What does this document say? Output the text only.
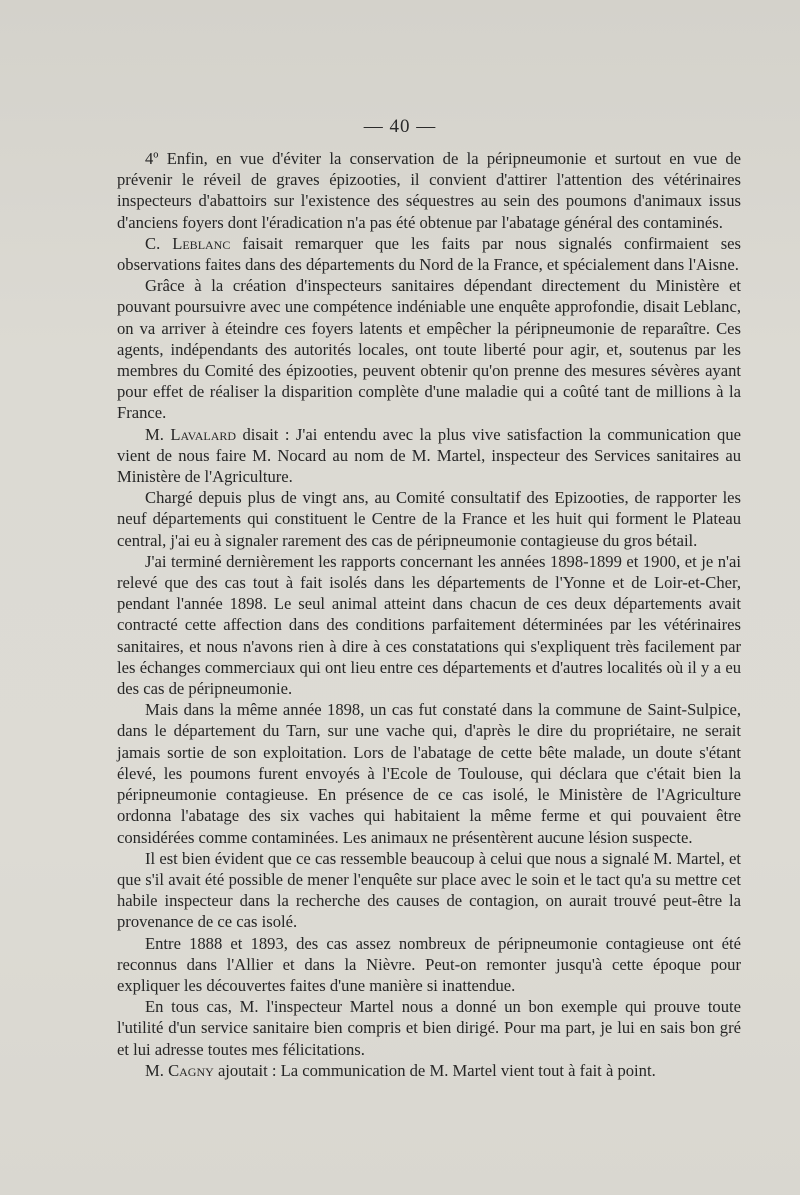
— 40 —

4º Enfin, en vue d'éviter la conservation de la péripneumonie et surtout en vue de prévenir le réveil de graves épizooties, il convient d'attirer l'attention des vétérinaires inspecteurs d'abattoirs sur l'existence des séquestres au sein des poumons d'animaux issus d'anciens foyers dont l'éradication n'a pas été obtenue par l'abatage général des contaminés.

C. Leblanc faisait remarquer que les faits par nous signalés confirmaient ses observations faites dans des départements du Nord de la France, et spécialement dans l'Aisne.

Grâce à la création d'inspecteurs sanitaires dépendant directement du Ministère et pouvant poursuivre avec une compétence indéniable une enquête approfondie, disait Leblanc, on va arriver à éteindre ces foyers latents et empêcher la péripneumonie de reparaître. Ces agents, indépendants des autorités locales, ont toute liberté pour agir, et, soutenus par les membres du Comité des épizooties, peuvent obtenir qu'on prenne des mesures sévères ayant pour effet de réaliser la disparition complète d'une maladie qui a coûté tant de millions à la France.

M. Lavalard disait : J'ai entendu avec la plus vive satisfaction la communication que vient de nous faire M. Nocard au nom de M. Martel, inspecteur des Services sanitaires au Ministère de l'Agriculture.

Chargé depuis plus de vingt ans, au Comité consultatif des Epizooties, de rapporter les neuf départements qui constituent le Centre de la France et les huit qui forment le Plateau central, j'ai eu à signaler rarement des cas de péripneumonie contagieuse du gros bétail.

J'ai terminé dernièrement les rapports concernant les années 1898-1899 et 1900, et je n'ai relevé que des cas tout à fait isolés dans les départements de l'Yonne et de Loir-et-Cher, pendant l'année 1898. Le seul animal atteint dans chacun de ces deux départements avait contracté cette affection dans des conditions parfaitement déterminées par les vétérinaires sanitaires, et nous n'avons rien à dire à ces constatations qui s'expliquent très facilement par les échanges commerciaux qui ont lieu entre ces départements et d'autres localités où il y a eu des cas de péripneumonie.

Mais dans la même année 1898, un cas fut constaté dans la commune de Saint-Sulpice, dans le département du Tarn, sur une vache qui, d'après le dire du propriétaire, ne serait jamais sortie de son exploitation. Lors de l'abatage de cette bête malade, un doute s'étant élevé, les poumons furent envoyés à l'Ecole de Toulouse, qui déclara que c'était bien la péripneumonie contagieuse. En présence de ce cas isolé, le Ministère de l'Agriculture ordonna l'abatage des six vaches qui habitaient la même ferme et qui pouvaient être considérées comme contaminées. Les animaux ne présentèrent aucune lésion suspecte.

Il est bien évident que ce cas ressemble beaucoup à celui que nous a signalé M. Martel, et que s'il avait été possible de mener l'enquête sur place avec le soin et le tact qu'a su mettre cet habile inspecteur dans la recherche des causes de contagion, on aurait trouvé peut-être la provenance de ce cas isolé.

Entre 1888 et 1893, des cas assez nombreux de péripneumonie contagieuse ont été reconnus dans l'Allier et dans la Nièvre. Peut-on remonter jusqu'à cette époque pour expliquer les découvertes faites d'une manière si inattendue.

En tous cas, M. l'inspecteur Martel nous a donné un bon exemple qui prouve toute l'utilité d'un service sanitaire bien compris et bien dirigé. Pour ma part, je lui en sais bon gré et lui adresse toutes mes félicitations.

M. Cagny ajoutait : La communication de M. Martel vient tout à fait à point.
